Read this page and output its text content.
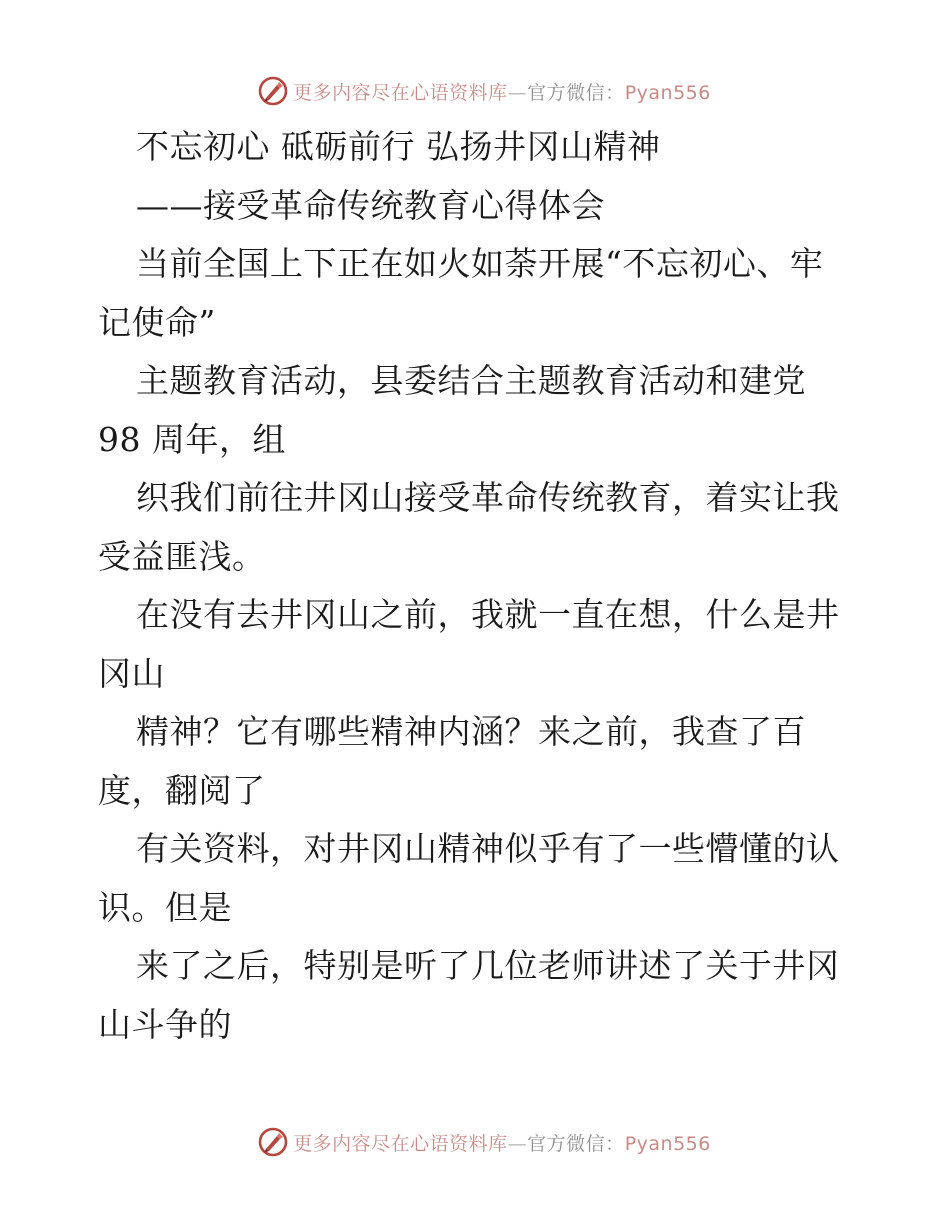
更多内容尽在心语资料库—官方微信：Pyan556
不忘初心 砥砺前行 弘扬井冈山精神
——接受革命传统教育心得体会
当前全国上下正在如火如荼开展“不忘初心、牢
记使命”
主题教育活动，县委结合主题教育活动和建党
98 周年，组
织我们前往井冈山接受革命传统教育，着实让我
受益匪浅。
在没有去井冈山之前，我就一直在想，什么是井
冈山
精神？它有哪些精神内涵？来之前，我查了百
度，翻阅了
有关资料，对井冈山精神似乎有了一些懵懂的认
识。但是
来了之后，特别是听了几位老师讲述了关于井冈
山斗争的
更多内容尽在心语资料库—官方微信：Pyan556
